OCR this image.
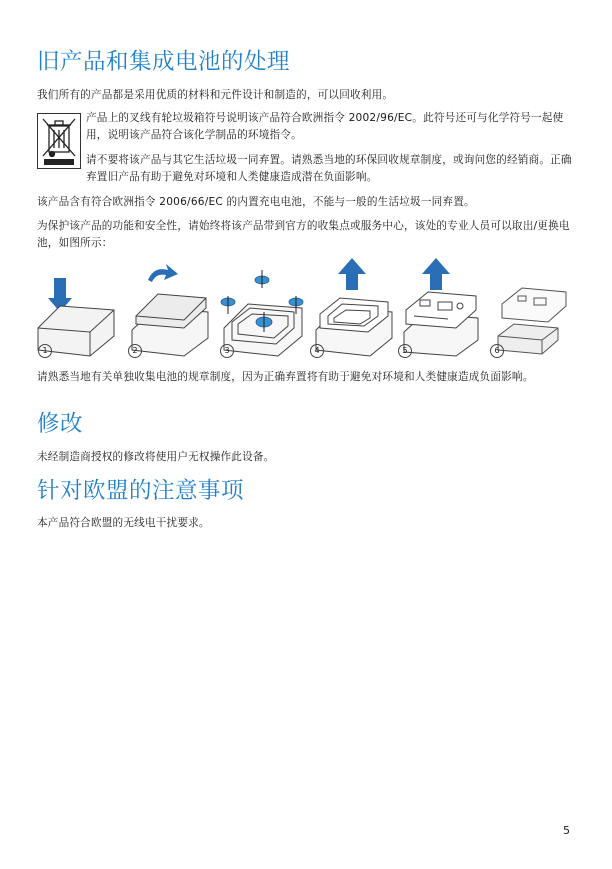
旧产品和集成电池的处理

我们所有的产品都是采用优质的材料和元件设计和制造的，可以回收利用。

产品上的叉线有轮垃圾箱符号说明该产品符合欧洲指令 2002/96/EC。此符号还可与化学符号一起使用，说明该产品符合该化学制品的环境指令。

请不要将该产品与其它生活垃圾一同弃置。请熟悉当地的环保回收规章制度，或询问您的经销商。正确弃置旧产品有助于避免对环境和人类健康造成潜在负面影响。

该产品含有符合欧洲指令 2006/66/EC 的内置充电电池，不能与一般的生活垃圾一同弃置。

为保护该产品的功能和安全性，请始终将该产品带到官方的收集点或服务中心，该处的专业人员可以取出/更换电池，如图所示：

1	2	3	4	5	6

请熟悉当地有关单独收集电池的规章制度，因为正确弃置将有助于避免对环境和人类健康造成负面影响。

修改

未经制造商授权的修改将使用户无权操作此设备。

针对欧盟的注意事项

本产品符合欧盟的无线电干扰要求。

5
